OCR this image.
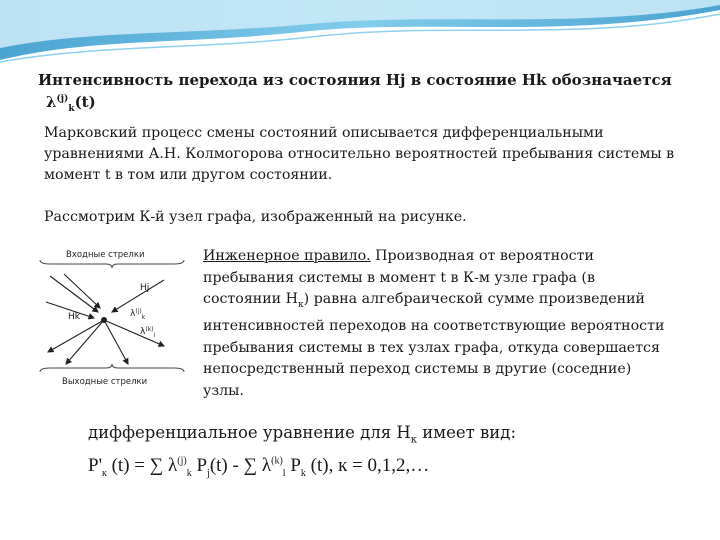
Интенсивность перехода из состояния Hj в состояние Hk обозначается

$\lambda^{(j)}_k(t)$

Марковский процесс смены состояний описывается дифференциальными уравнениями А.Н. Колмогорова относительно вероятностей пребывания системы в момент t в том или другом состоянии.

Рассмотрим К-й узел графа, изображенный на рисунке.

Входные стрелки
Hk
Hj
$\lambda^{(j)}_k$
$\lambda^{(k)}_i$
Выходные стрелки

Инженерное правило. Производная от вероятности пребывания системы в момент t в К-м узле графа (в состоянии $H_к$) равна алгебраической сумме произведений интенсивностей переходов на соответствующие вероятности пребывания системы в тех узлах графа, откуда совершается непосредственный переход системы в другие (соседние) узлы.

дифференциальное уравнение для $H_к$ имеет вид:

$P'_к$ (t) = ∑ $\lambda^{(j)}_k$ $P_j(t)$ - ∑ $\lambda^{(k)}_l$ $P_k$ (t), к = 0,1,2,…
